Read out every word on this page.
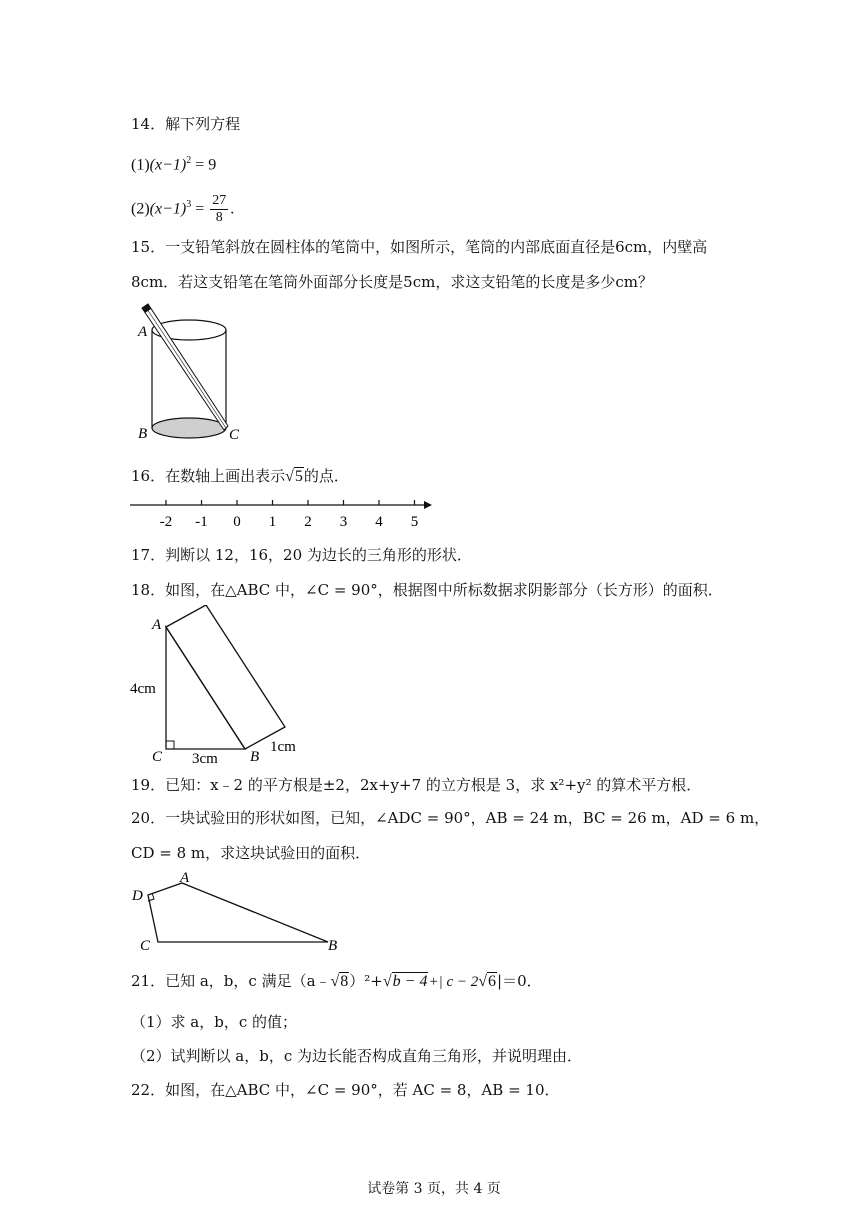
14．解下列方程
$(1)(x-1)^2 = 9$
$(2)(x-1)^3 = \frac{27}{8}$ .
15．一支铅笔斜放在圆柱体的笔筒中，如图所示，笔筒的内部底面直径是6cm，内壁高
8cm．若这支铅笔在笔筒外面部分长度是5cm，求这支铅笔的长度是多少cm？
A
B	C
16．在数轴上画出表示√5的点．
-2 -1 0 1 2 3 4 5
17．判断以 12，16，20 为边长的三角形的形状．
18．如图，在△ABC 中，∠C = 90°，根据图中所标数据求阴影部分（长方形）的面积．
A
C	B
4cm
3cm
1cm
19．已知：x﹣2 的平方根是±2，2x+y+7 的立方根是 3，求 x²+y² 的算术平方根．
20．一块试验田的形状如图，已知，∠ADC = 90°，AB = 24 m，BC = 26 m，AD = 6 m，
CD = 8 m，求这块试验田的面积．
D
A
C	B
21．已知 a，b，c 满足（a﹣√8）²+√b − 4+| c − 2√6|＝0．
（1）求 a，b，c 的值；
（2）试判断以 a，b，c 为边长能否构成直角三角形，并说明理由．
22．如图，在△ABC 中，∠C = 90°，若 AC = 8，AB = 10．
试卷第 3 页，共 4 页
